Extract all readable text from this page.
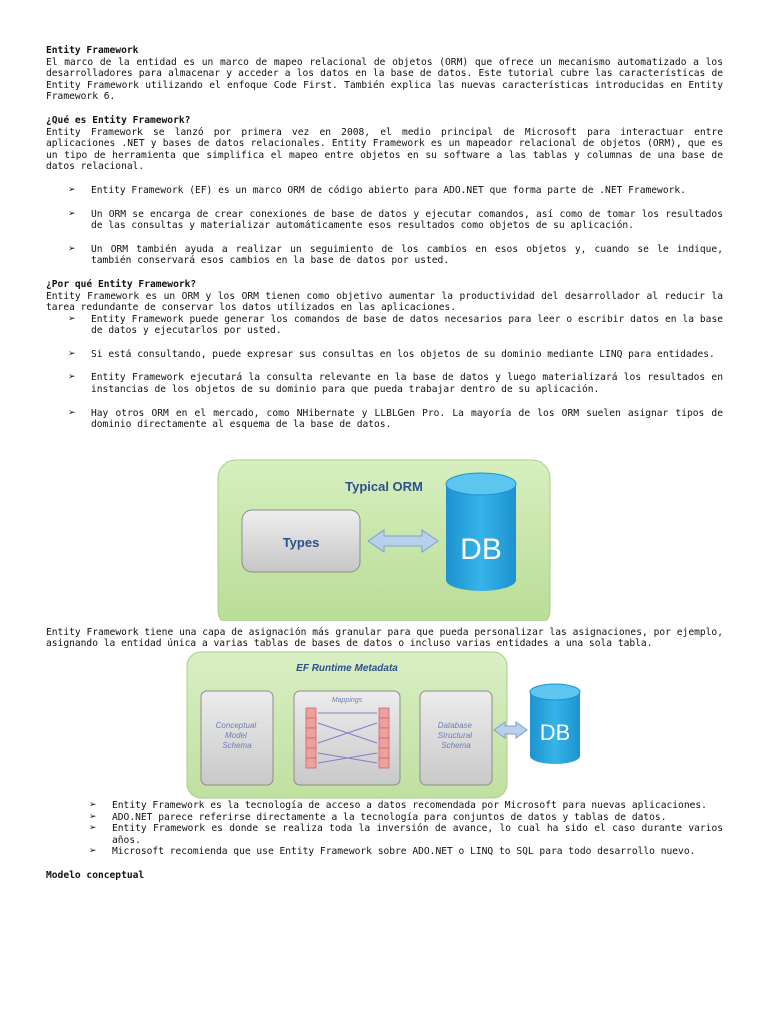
Entity Framework
El marco de la entidad es un marco de mapeo relacional de objetos (ORM) que ofrece un mecanismo automatizado a los desarrolladores para almacenar y acceder a los datos en la base de datos. Este tutorial cubre las características de Entity Framework utilizando el enfoque Code First. También explica las nuevas características introducidas en Entity Framework 6.
¿Qué es Entity Framework?
Entity Framework se lanzó por primera vez en 2008, el medio principal de Microsoft para interactuar entre aplicaciones .NET y bases de datos relacionales. Entity Framework es un mapeador relacional de objetos (ORM), que es un tipo de herramienta que simplifica el mapeo entre objetos en su software a las tablas y columnas de una base de datos relacional.
➢ Entity Framework (EF) es un marco ORM de código abierto para ADO.NET que forma parte de .NET Framework.
➢ Un ORM se encarga de crear conexiones de base de datos y ejecutar comandos, así como de tomar los resultados de las consultas y materializar automáticamente esos resultados como objetos de su aplicación.
➢ Un ORM también ayuda a realizar un seguimiento de los cambios en esos objetos y, cuando se le indique, también conservará esos cambios en la base de datos por usted.
¿Por qué Entity Framework?
Entity Framework es un ORM y los ORM tienen como objetivo aumentar la productividad del desarrollador al reducir la tarea redundante de conservar los datos utilizados en las aplicaciones.
➢ Entity Framework puede generar los comandos de base de datos necesarios para leer o escribir datos en la base de datos y ejecutarlos por usted.
➢ Si está consultando, puede expresar sus consultas en los objetos de su dominio mediante LINQ para entidades.
➢ Entity Framework ejecutará la consulta relevante en la base de datos y luego materializará los resultados en instancias de los objetos de su dominio para que pueda trabajar dentro de su aplicación.
➢ Hay otros ORM en el mercado, como NHibernate y LLBLGen Pro. La mayoría de los ORM suelen asignar tipos de dominio directamente al esquema de la base de datos.
Typical ORM
Types	DB
Entity Framework tiene una capa de asignación más granular para que pueda personalizar las asignaciones, por ejemplo, asignando la entidad única a varias tablas de bases de datos o incluso varias entidades a una sola tabla.
EF Runtime Metadata
Conceptual Model Schema
Mappings
Database Structural Schema
DB
➢ Entity Framework es la tecnología de acceso a datos recomendada por Microsoft para nuevas aplicaciones.
➢ ADO.NET parece referirse directamente a la tecnología para conjuntos de datos y tablas de datos.
➢ Entity Framework es donde se realiza toda la inversión de avance, lo cual ha sido el caso durante varios años.
➢ Microsoft recomienda que use Entity Framework sobre ADO.NET o LINQ to SQL para todo desarrollo nuevo.
Modelo conceptual
